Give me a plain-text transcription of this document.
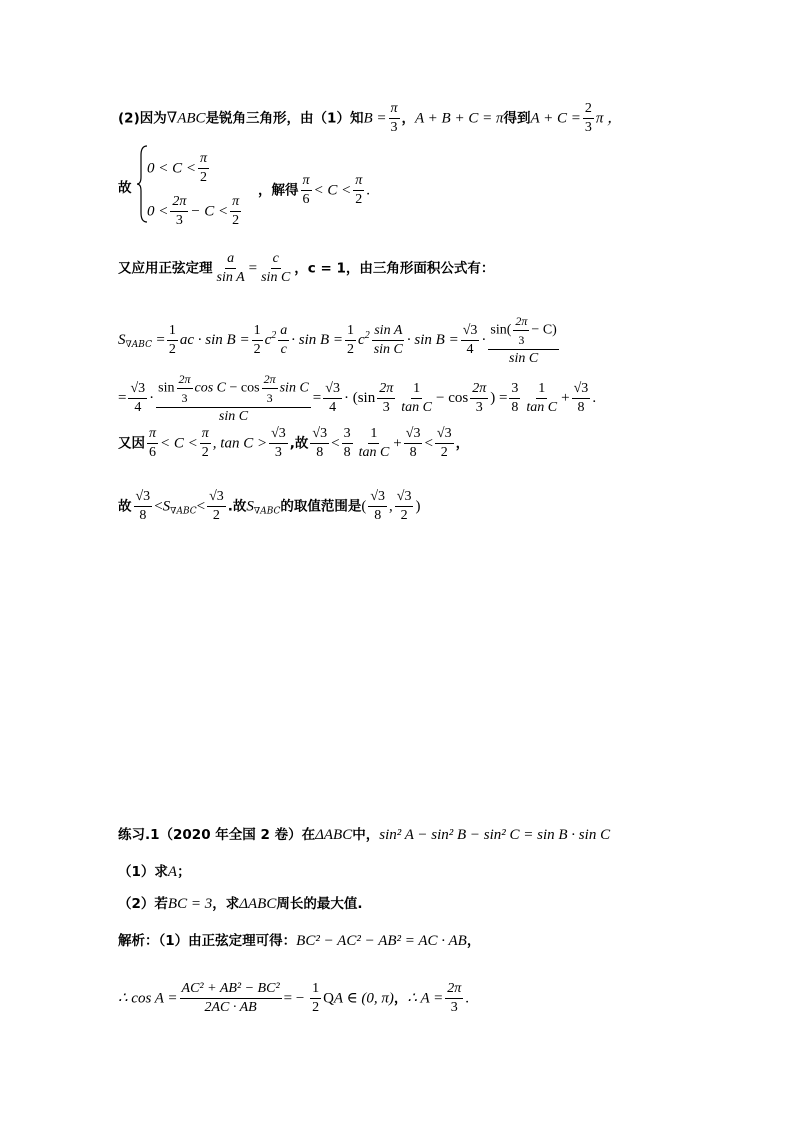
(2)因为∇ABC是锐角三角形，由（1）知$B = \frac{\pi}{3}$ ，A + B + C = π得到$A + C = \frac{2}{3}$ π ，
故
$0 < C < \frac{\pi}{2}$
$0 < \frac{2\pi}{3} - C < \frac{\pi}{2}$
，解得 $\frac{\pi}{6} < C < \frac{\pi}{2}$ .
又应用正弦定理 $\frac{a}{\text{sin A}} = \frac{c}{\text{sin C}}$ ，c = 1，由三角形面积公式有：
$S_{\nabla ABC} = \frac{1}{2}$ ac · $\sin B = \frac{1}{2} c^2 \frac{a}{c} \cdot \sin B = \frac{1}{2} c^2 \frac{\text{sin A}}{\text{sin C}} \cdot \sin B = \frac{√3}{4} \cdot \frac{\sin( \frac{2\pi}{3} - C)}{\text{sin C}}$
= $\frac{√3}{4} \cdot \frac{\sin \frac{2\pi}{3} \cos C - \cos \frac{2\pi}{3} \sin C}{\text{sin C}} = \frac{√3}{4} \cdot (\sin \frac{2\pi}{3} \frac{1}{\text{tan C}} - \cos \frac{2\pi}{3}$ ) = $\frac{3}{8} \frac{1}{\text{tan C}} + \frac{√3}{8}$ .
又因 $\frac{\pi}{6} < C < \frac{\pi}{2}$ , $\tan C > \frac{√3}{3}$ ,故 $\frac{√3}{8} < \frac{3}{8} \frac{1}{\text{tan C}} + \frac{√3}{8} < \frac{√3}{2}$ ，
故 $\frac{√3}{8} <S_{\nabla ABC}< \frac{√3}{2}$ .故$S_{\nabla ABC}$的取值范围是( $\frac{√3}{8}$ , $\frac{√3}{2}$ )
练习.1（2020 年全国 2 卷）在ΔABC中，sin² A − sin² B − sin² C = sin B · sin C
（1）求A；
（2）若BC = 3，求ΔABC周长的最大值.
解析：（1）由正弦定理可得：BC² − AC² − AB² = AC · AB，
∴ $\cos A = \frac{\text{AC² + AB² − BC²}}{2AC \cdot AB}$ = − $\frac{1}{2}$ QA ∈ (0, π)，∴ $A = \frac{2\pi}{3}$ .
